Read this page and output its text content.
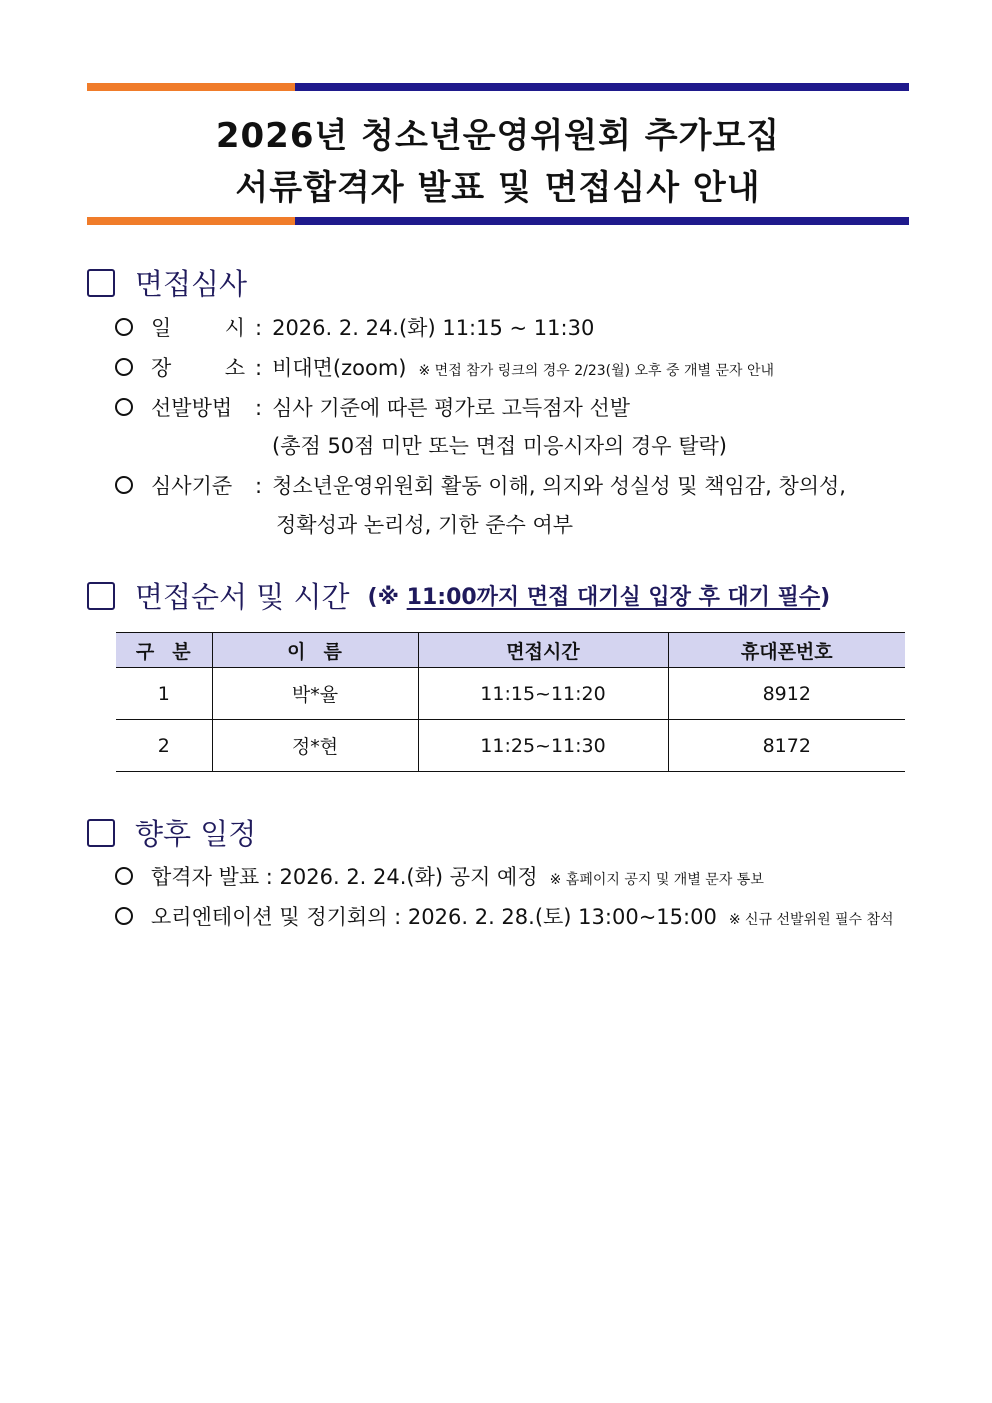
2026년 청소년운영위원회 추가모집
서류합격자 발표 및 면접심사 안내
면접심사
일	시 : 2026. 2. 24.(화) 11:15 ~ 11:30
장	소 : 비대면(zoom) ※ 면접 참가 링크의 경우 2/23(월) 오후 중 개별 문자 안내
선발방법	: 심사 기준에 따른 평가로 고득점자 선발
(총점 50점 미만 또는 면접 미응시자의 경우 탈락)
심사기준	: 청소년운영위원회 활동 이해, 의지와 성실성 및 책임감, 창의성,
정확성과 논리성, 기한 준수 여부
면접순서 및 시간 (※ 11:00까지 면접 대기실 입장 후 대기 필수)
구분	이름	면접시간	휴대폰번호
1	박*율	11:15~11:20	8912
2	정*현	11:25~11:30	8172
향후 일정
합격자 발표 : 2026. 2. 24.(화) 공지 예정 ※ 홈페이지 공지 및 개별 문자 통보
오리엔테이션 및 정기회의 : 2026. 2. 28.(토) 13:00~15:00 ※ 신규 선발위원 필수 참석
